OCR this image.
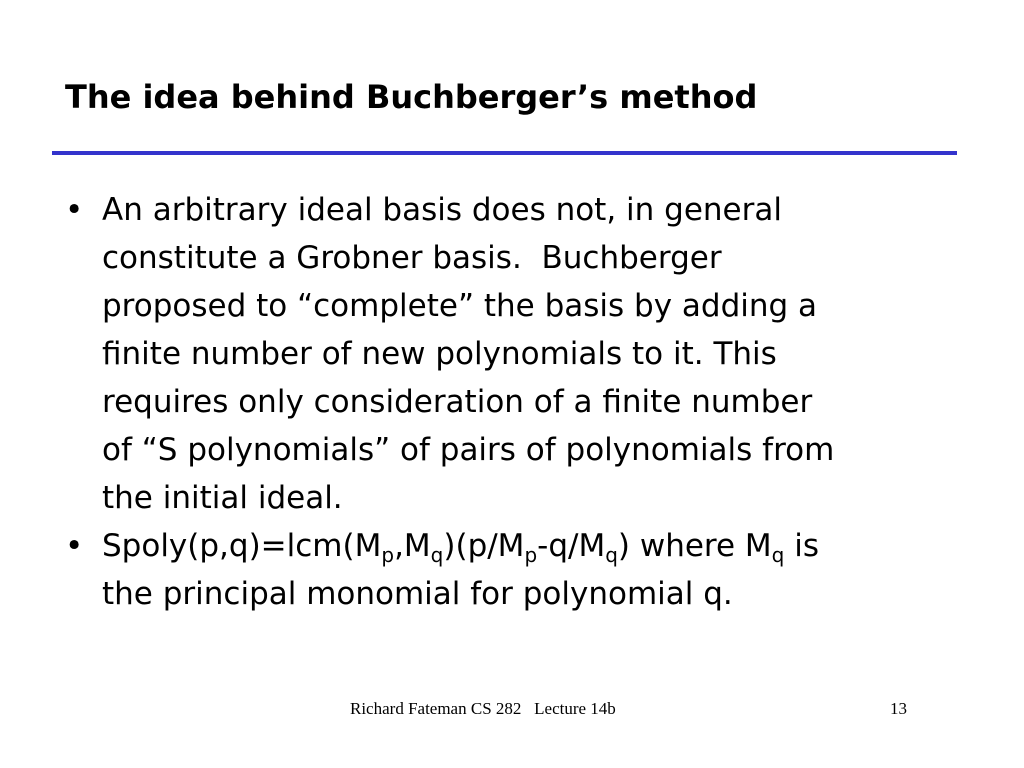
The idea behind Buchberger’s method
• An arbitrary ideal basis does not, in general
constitute a Grobner basis.  Buchberger
proposed to “complete” the basis by adding a
finite number of new polynomials to it. This
requires only consideration of a finite number
of “S polynomials” of pairs of polynomials from
the initial ideal.
• $Spoly(p,q)=lcm(M_p,M_q)(p/M_p-q/M_q)$ where $M_q$ is
the principal monomial for polynomial q.
Richard Fateman CS 282   Lecture 14b	13
